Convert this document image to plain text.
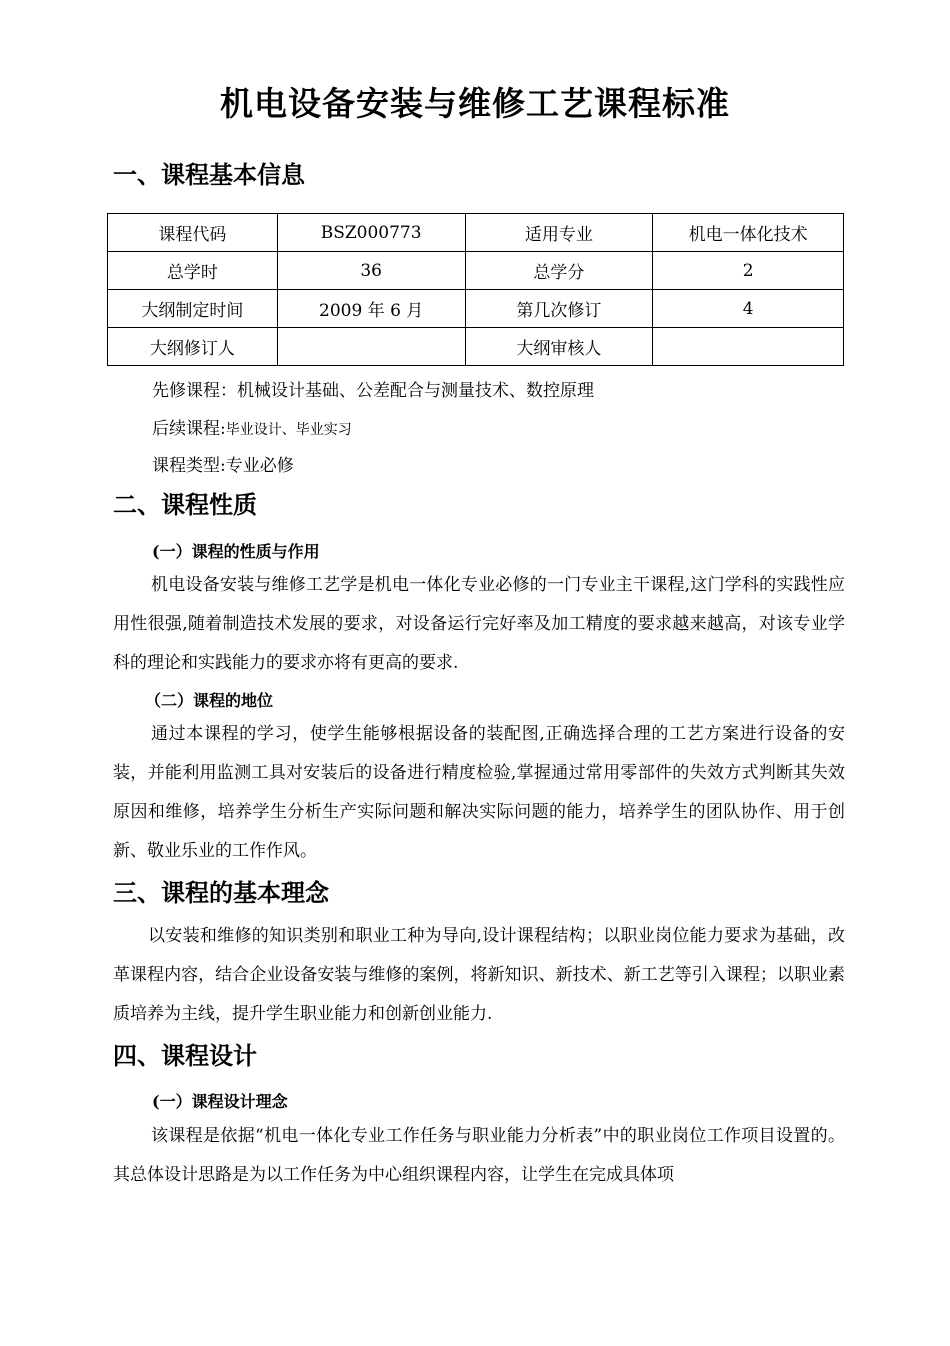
机电设备安装与维修工艺课程标准
一、课程基本信息
课程代码	BSZ000773	适用专业	机电一体化技术
总学时	36	总学分	2
大纲制定时间	2009 年 6 月	第几次修订	4
大纲修订人		大纲审核人	
先修课程：机械设计基础、公差配合与测量技术、数控原理
后续课程:毕业设计、毕业实习
课程类型:专业必修
二、课程性质
(一）课程的性质与作用
机电设备安装与维修工艺学是机电一体化专业必修的一门专业主干课程,这门学科的实践性应用性很强,随着制造技术发展的要求，对设备运行完好率及加工精度的要求越来越高，对该专业学科的理论和实践能力的要求亦将有更高的要求.
（二）课程的地位
通过本课程的学习，使学生能够根据设备的装配图,正确选择合理的工艺方案进行设备的安装，并能利用监测工具对安装后的设备进行精度检验,掌握通过常用零部件的失效方式判断其失效原因和维修，培养学生分析生产实际问题和解决实际问题的能力，培养学生的团队协作、用于创新、敬业乐业的工作作风。
三、课程的基本理念
以安装和维修的知识类别和职业工种为导向,设计课程结构；以职业岗位能力要求为基础，改革课程内容，结合企业设备安装与维修的案例，将新知识、新技术、新工艺等引入课程；以职业素质培养为主线，提升学生职业能力和创新创业能力.
四、课程设计
(一）课程设计理念
该课程是依据“机电一体化专业工作任务与职业能力分析表”中的职业岗位工作项目设置的。其总体设计思路是为以工作任务为中心组织课程内容，让学生在完成具体项
